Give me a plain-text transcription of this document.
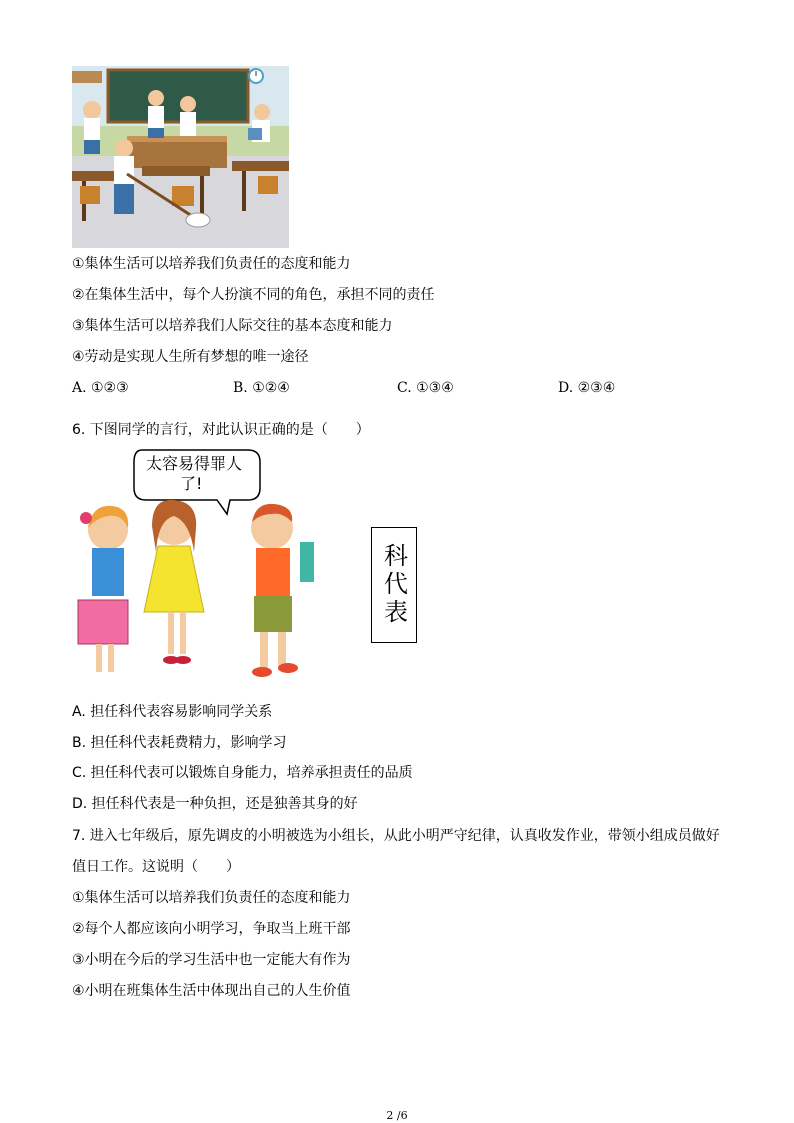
①集体生活可以培养我们负责任的态度和能力
②在集体生活中，每个人扮演不同的角色，承担不同的责任
③集体生活可以培养我们人际交往的基本态度和能力
④劳动是实现人生所有梦想的唯一途径
A. ①②③	B. ①②④	C. ①③④	D. ②③④
6. 下图同学的言行，对此认识正确的是（　　）
太容易得罪人
了!
科代表
A. 担任科代表容易影响同学关系
B. 担任科代表耗费精力，影响学习
C. 担任科代表可以锻炼自身能力，培养承担责任的品质
D. 担任科代表是一种负担，还是独善其身的好
7. 进入七年级后，原先调皮的小明被选为小组长，从此小明严守纪律，认真收发作业，带领小组成员做好
值日工作。这说明（　　）
①集体生活可以培养我们负责任的态度和能力
②每个人都应该向小明学习，争取当上班干部
③小明在今后的学习生活中也一定能大有作为
④小明在班集体生活中体现出自己的人生价值
2 /6
